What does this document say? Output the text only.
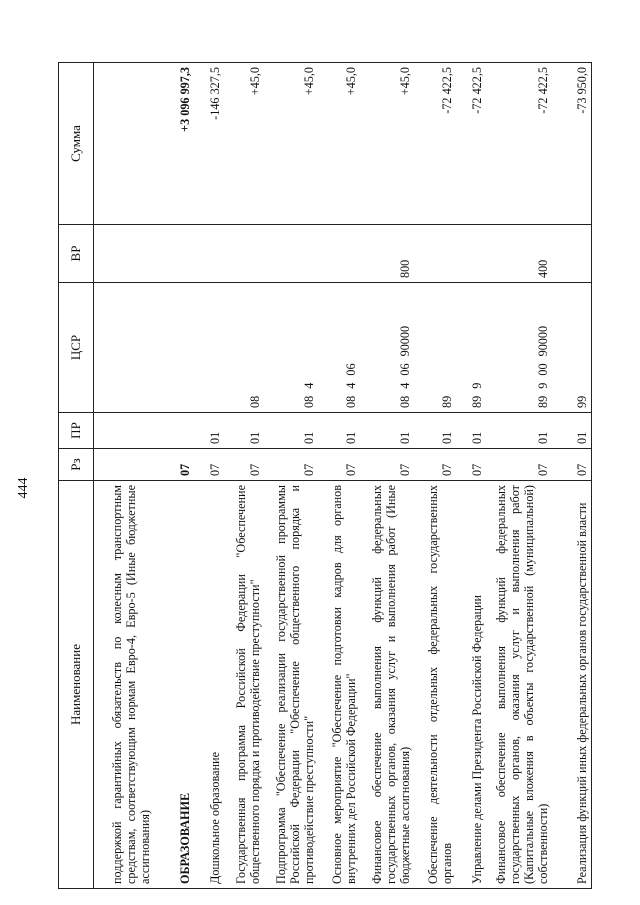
444
Наименование	Рз	ПР	ЦСР	ВР	Сумма
поддержкой гарантийных обязательств по колесным транспортным средствам, соответствующим нормам Евро-4, Евро-5 (Иные бюджетные ассигнования)					
ОБРАЗОВАНИЕ	07				+3 096 997,3
Дошкольное образование	07	01			-146 327,5
Государственная программа Российской Федерации "Обеспечение общественного порядка и противодействие преступности"	07	01	08		+45,0
Подпрограмма "Обеспечение реализации государственной программы Российской Федерации "Обеспечение общественного порядка и противодействие преступности"	07	01	08 4		+45,0
Основное мероприятие "Обеспечение подготовки кадров для органов внутренних дел Российской Федерации"	07	01	08 4 06		+45,0
Финансовое обеспечение выполнения функций федеральных государственных органов, оказания услуг и выполнения работ (Иные бюджетные ассигнования)	07	01	08 4 06 90000	800	+45,0
Обеспечение деятельности отдельных федеральных государственных органов	07	01	89		-72 422,5
Управление делами Президента Российской Федерации	07	01	89 9		-72 422,5
Финансовое обеспечение выполнения функций федеральных государственных органов, оказания услуг и выполнения работ (Капитальные вложения в объекты государственной (муниципальной) собственности)	07	01	89 9 00 90000	400	-72 422,5
Реализация функций иных федеральных органов государственной власти	07	01	99		-73 950,0
